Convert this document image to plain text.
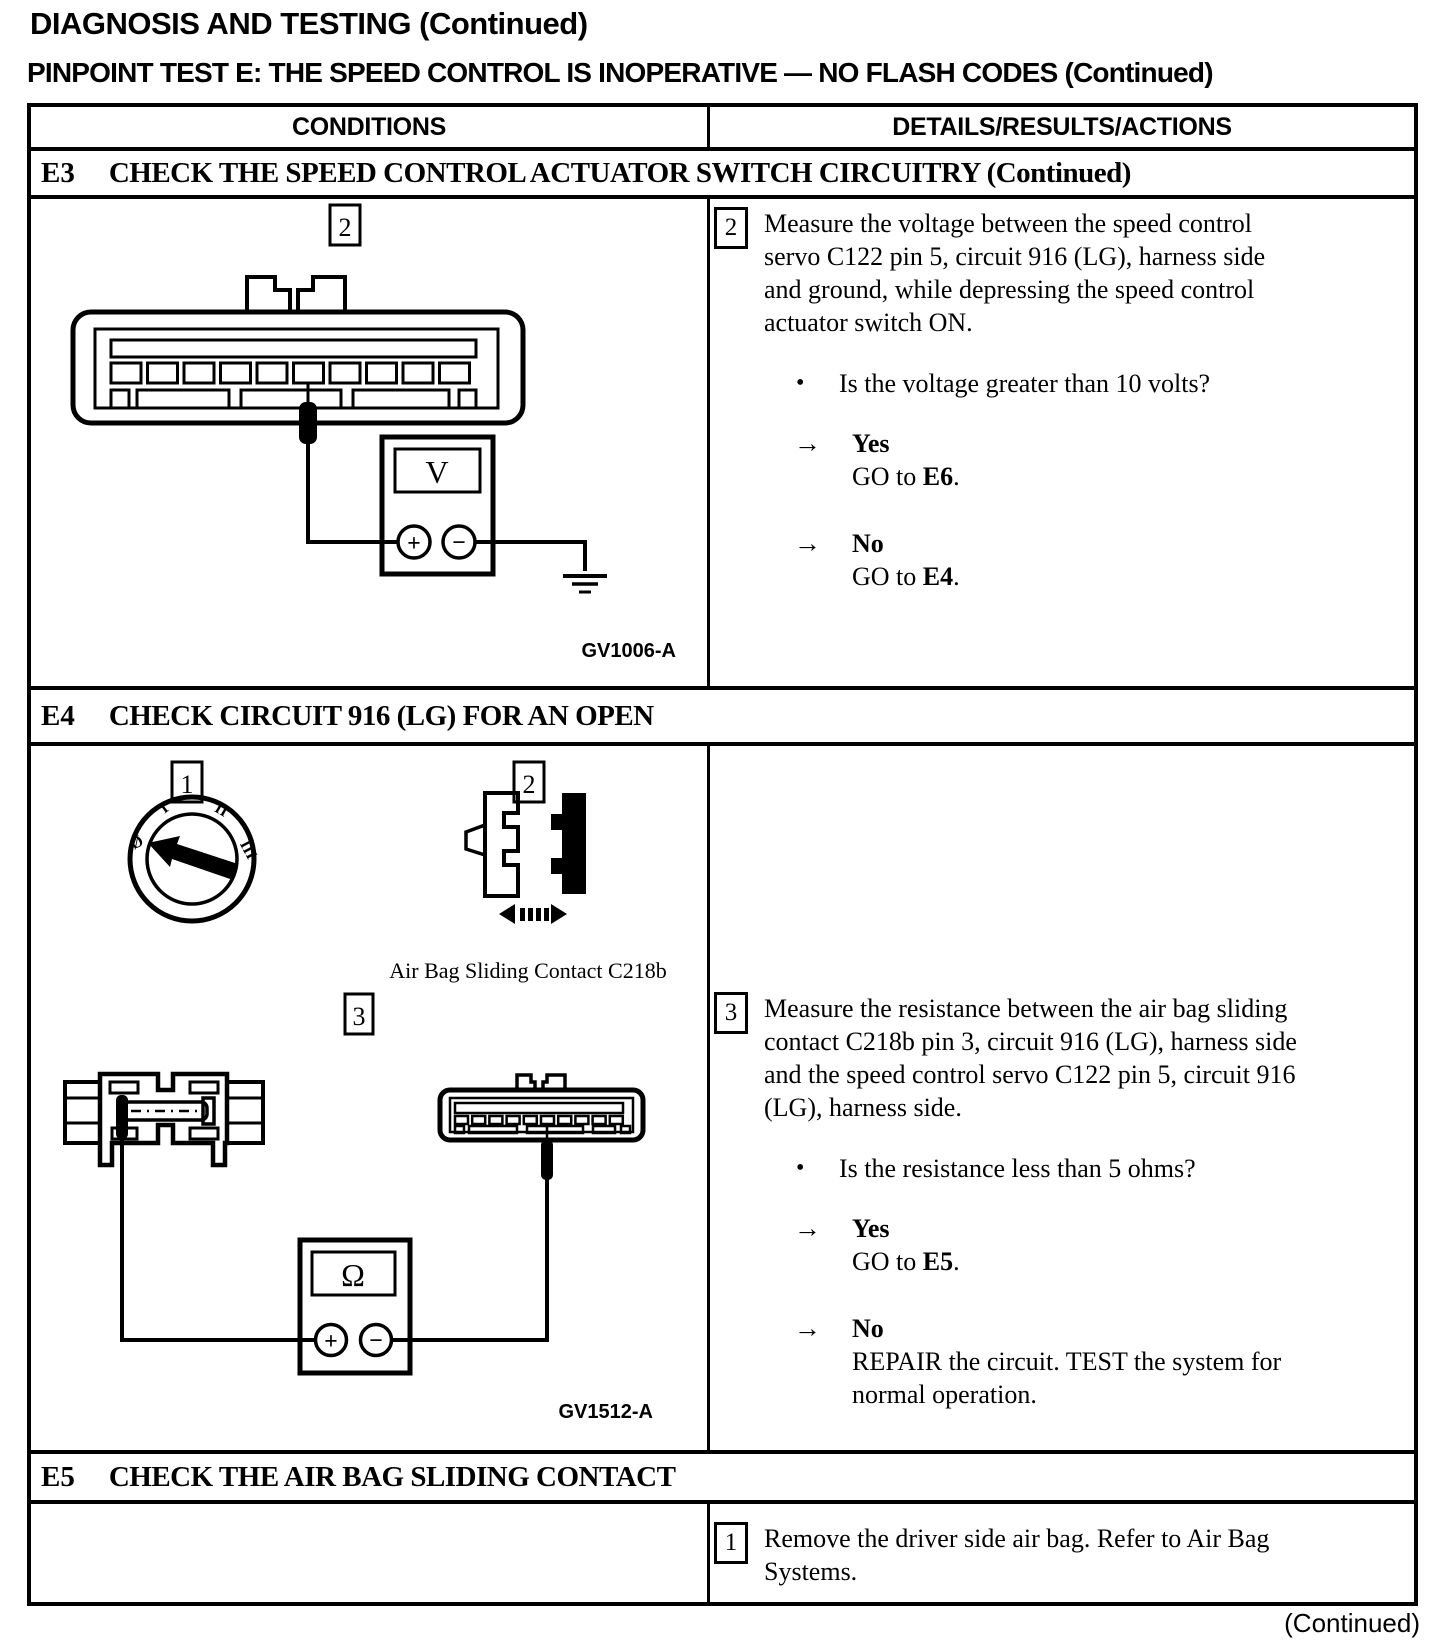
DIAGNOSIS AND TESTING (Continued)
PINPOINT TEST E: THE SPEED CONTROL IS INOPERATIVE — NO FLASH CODES (Continued)
CONDITIONS	DETAILS/RESULTS/ACTIONS
E3 CHECK THE SPEED CONTROL ACTUATOR SWITCH CIRCUITRY (Continued)
2
V
+ −
GV1006-A
2	Measure the voltage between the speed control
servo C122 pin 5, circuit 916 (LG), harness side
and ground, while depressing the speed control
actuator switch ON.
•	Is the voltage greater than 10 volts?
→	Yes
GO to E6.
→	No
GO to E4.
E4 CHECK CIRCUIT 916 (LG) FOR AN OPEN
1
Ø
I II
III
2
Air Bag Sliding Contact C218b
3
Ω
+ −
GV1512-A
3	Measure the resistance between the air bag sliding
contact C218b pin 3, circuit 916 (LG), harness side
and the speed control servo C122 pin 5, circuit 916
(LG), harness side.
•	Is the resistance less than 5 ohms?
→	Yes
GO to E5.
→	No
REPAIR the circuit. TEST the system for
normal operation.
E5 CHECK THE AIR BAG SLIDING CONTACT
1	Remove the driver side air bag. Refer to Air Bag
Systems.
(Continued)
